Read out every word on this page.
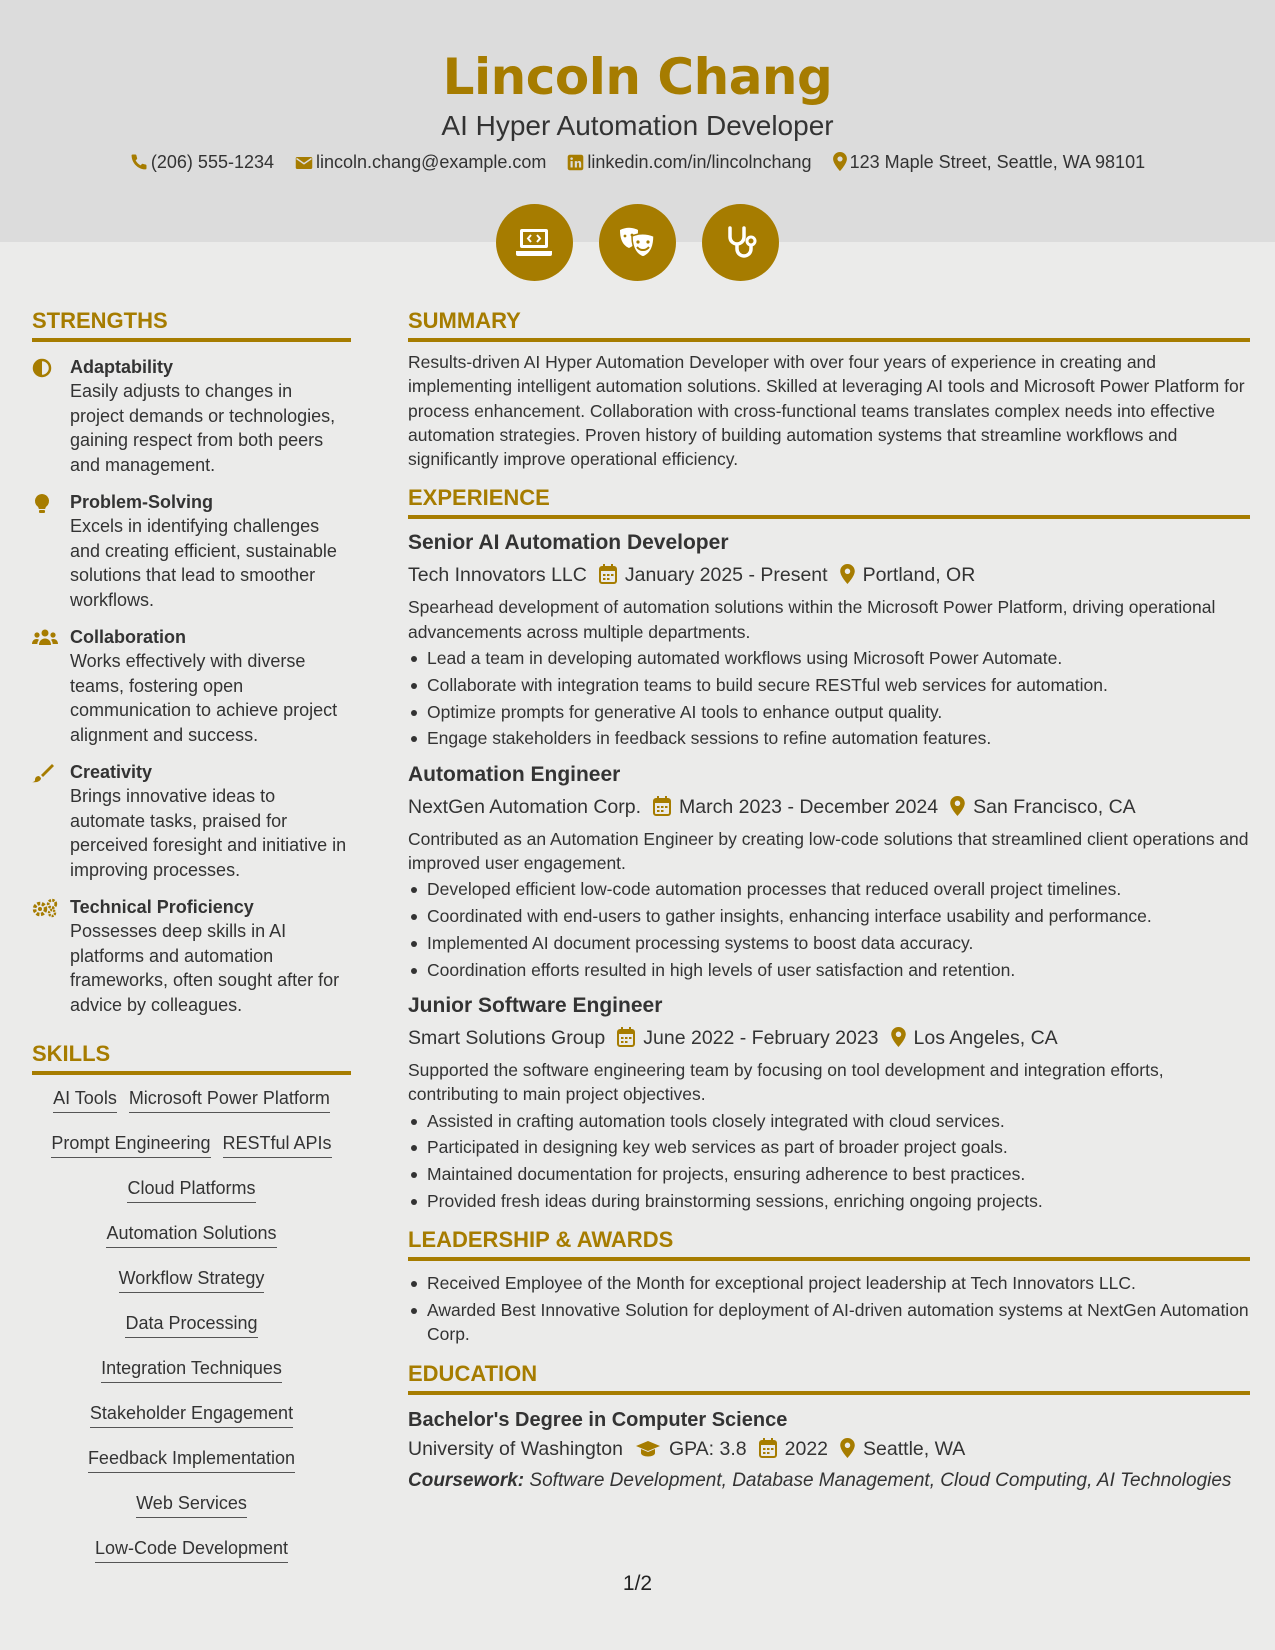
Lincoln Chang
AI Hyper Automation Developer
(206) 555-1234 lincoln.chang@example.com linkedin.com/in/lincolnchang 123 Maple Street, Seattle, WA 98101

STRENGTHS
Adaptability
Easily adjusts to changes in project demands or technologies, gaining respect from both peers and management.
Problem-Solving
Excels in identifying challenges and creating efficient, sustainable solutions that lead to smoother workflows.
Collaboration
Works effectively with diverse teams, fostering open communication to achieve project alignment and success.
Creativity
Brings innovative ideas to automate tasks, praised for perceived foresight and initiative in improving processes.
Technical Proficiency
Possesses deep skills in AI platforms and automation frameworks, often sought after for advice by colleagues.
SKILLS
AI Tools Microsoft Power Platform
Prompt Engineering RESTful APIs
Cloud Platforms
Automation Solutions
Workflow Strategy
Data Processing
Integration Techniques
Stakeholder Engagement
Feedback Implementation
Web Services
Low-Code Development
SUMMARY
Results-driven AI Hyper Automation Developer with over four years of experience in creating and implementing intelligent automation solutions. Skilled at leveraging AI tools and Microsoft Power Platform for process enhancement. Collaboration with cross-functional teams translates complex needs into effective automation strategies. Proven history of building automation systems that streamline workflows and significantly improve operational efficiency.
EXPERIENCE
Senior AI Automation Developer
Tech Innovators LLC January 2025 - Present Portland, OR
Spearhead development of automation solutions within the Microsoft Power Platform, driving operational advancements across multiple departments.
Lead a team in developing automated workflows using Microsoft Power Automate.
Collaborate with integration teams to build secure RESTful web services for automation.
Optimize prompts for generative AI tools to enhance output quality.
Engage stakeholders in feedback sessions to refine automation features.
Automation Engineer
NextGen Automation Corp. March 2023 - December 2024 San Francisco, CA
Contributed as an Automation Engineer by creating low-code solutions that streamlined client operations and improved user engagement.
Developed efficient low-code automation processes that reduced overall project timelines.
Coordinated with end-users to gather insights, enhancing interface usability and performance.
Implemented AI document processing systems to boost data accuracy.
Coordination efforts resulted in high levels of user satisfaction and retention.
Junior Software Engineer
Smart Solutions Group June 2022 - February 2023 Los Angeles, CA
Supported the software engineering team by focusing on tool development and integration efforts, contributing to main project objectives.
Assisted in crafting automation tools closely integrated with cloud services.
Participated in designing key web services as part of broader project goals.
Maintained documentation for projects, ensuring adherence to best practices.
Provided fresh ideas during brainstorming sessions, enriching ongoing projects.
LEADERSHIP & AWARDS
Received Employee of the Month for exceptional project leadership at Tech Innovators LLC.
Awarded Best Innovative Solution for deployment of AI-driven automation systems at NextGen Automation Corp.
EDUCATION
Bachelor's Degree in Computer Science
University of Washington GPA: 3.8 2022 Seattle, WA
Coursework: Software Development, Database Management, Cloud Computing, AI Technologies
1/2
